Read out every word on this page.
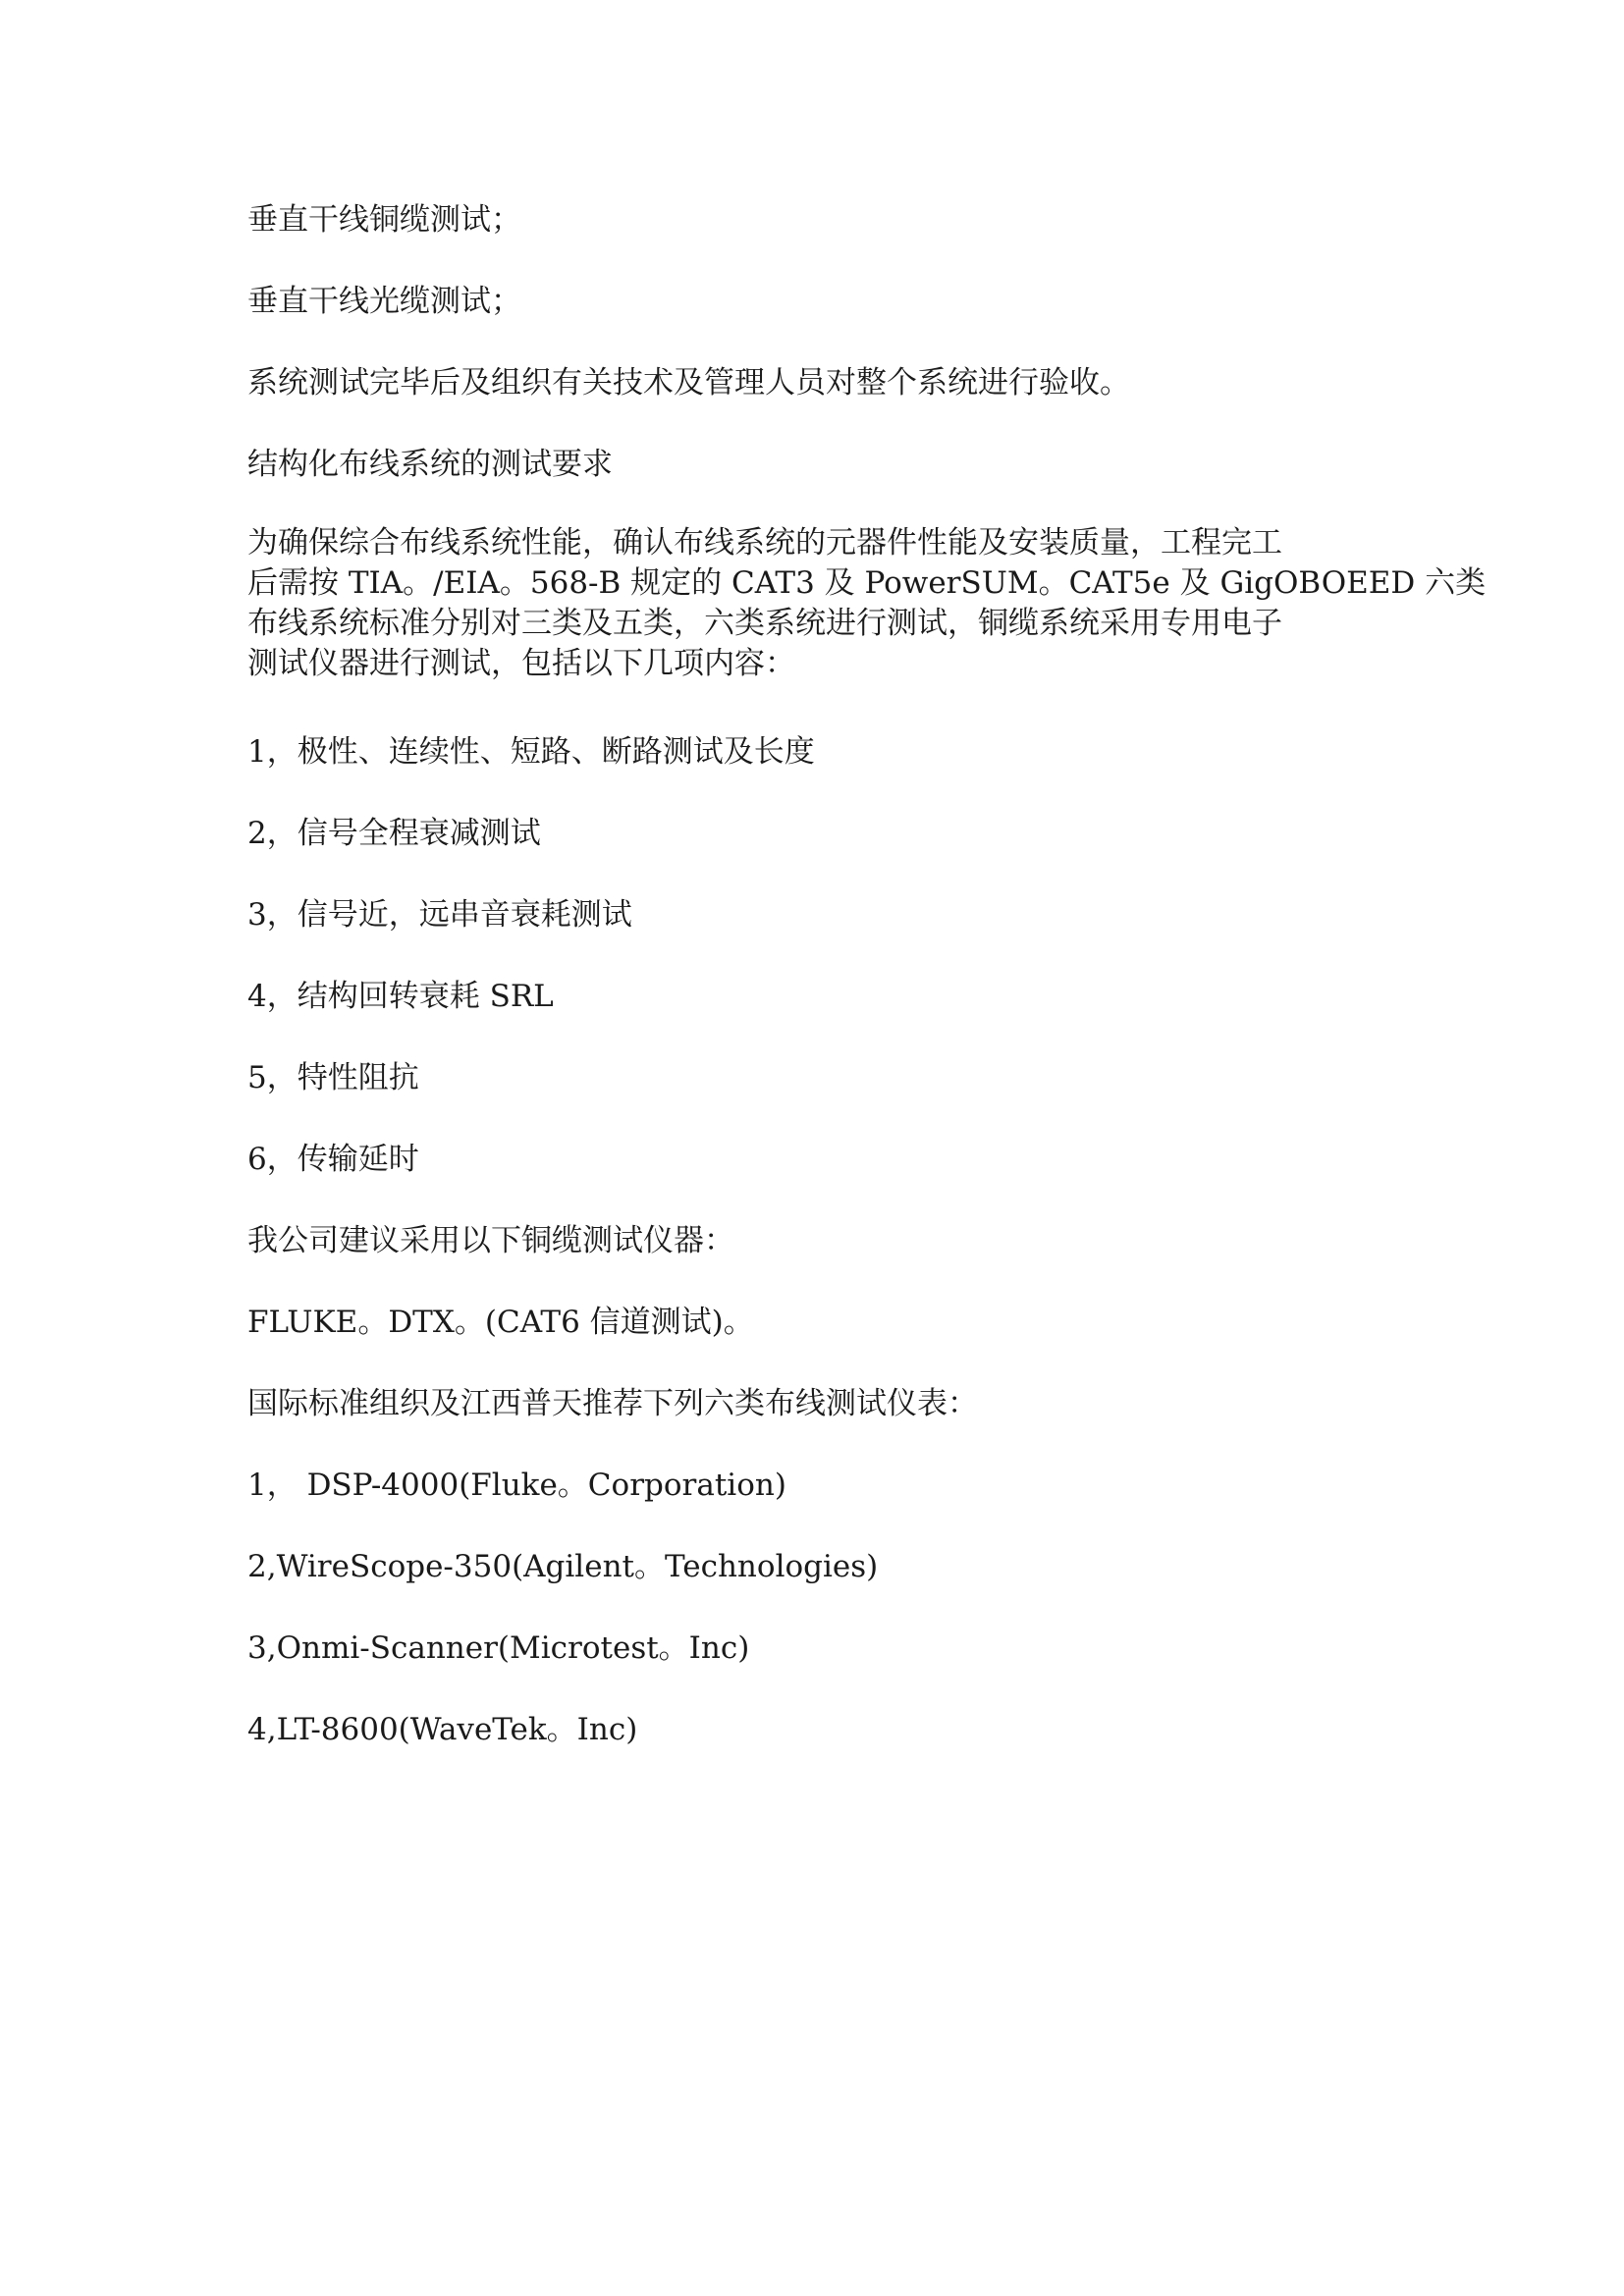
垂直干线铜缆测试；
垂直干线光缆测试；
系统测试完毕后及组织有关技术及管理人员对整个系统进行验收。
结构化布线系统的测试要求
为确保综合布线系统性能，确认布线系统的元器件性能及安装质量，工程完工
后需按 TIA。/EIA。568-B 规定的 CAT3 及 PowerSUM。CAT5e 及 GigOBOEED 六类
布线系统标准分别对三类及五类，六类系统进行测试，铜缆系统采用专用电子
测试仪器进行测试，包括以下几项内容：
1，极性、连续性、短路、断路测试及长度
2，信号全程衰减测试
3，信号近，远串音衰耗测试
4，结构回转衰耗 SRL
5，特性阻抗
6，传输延时
我公司建议采用以下铜缆测试仪器：
FLUKE。DTX。(CAT6 信道测试)。
国际标准组织及江西普天推荐下列六类布线测试仪表：
1， DSP-4000(Fluke。Corporation)
2,WireScope-350(Agilent。Technologies)
3,Onmi-Scanner(Microtest。Inc)
4,LT-8600(WaveTek。Inc)
